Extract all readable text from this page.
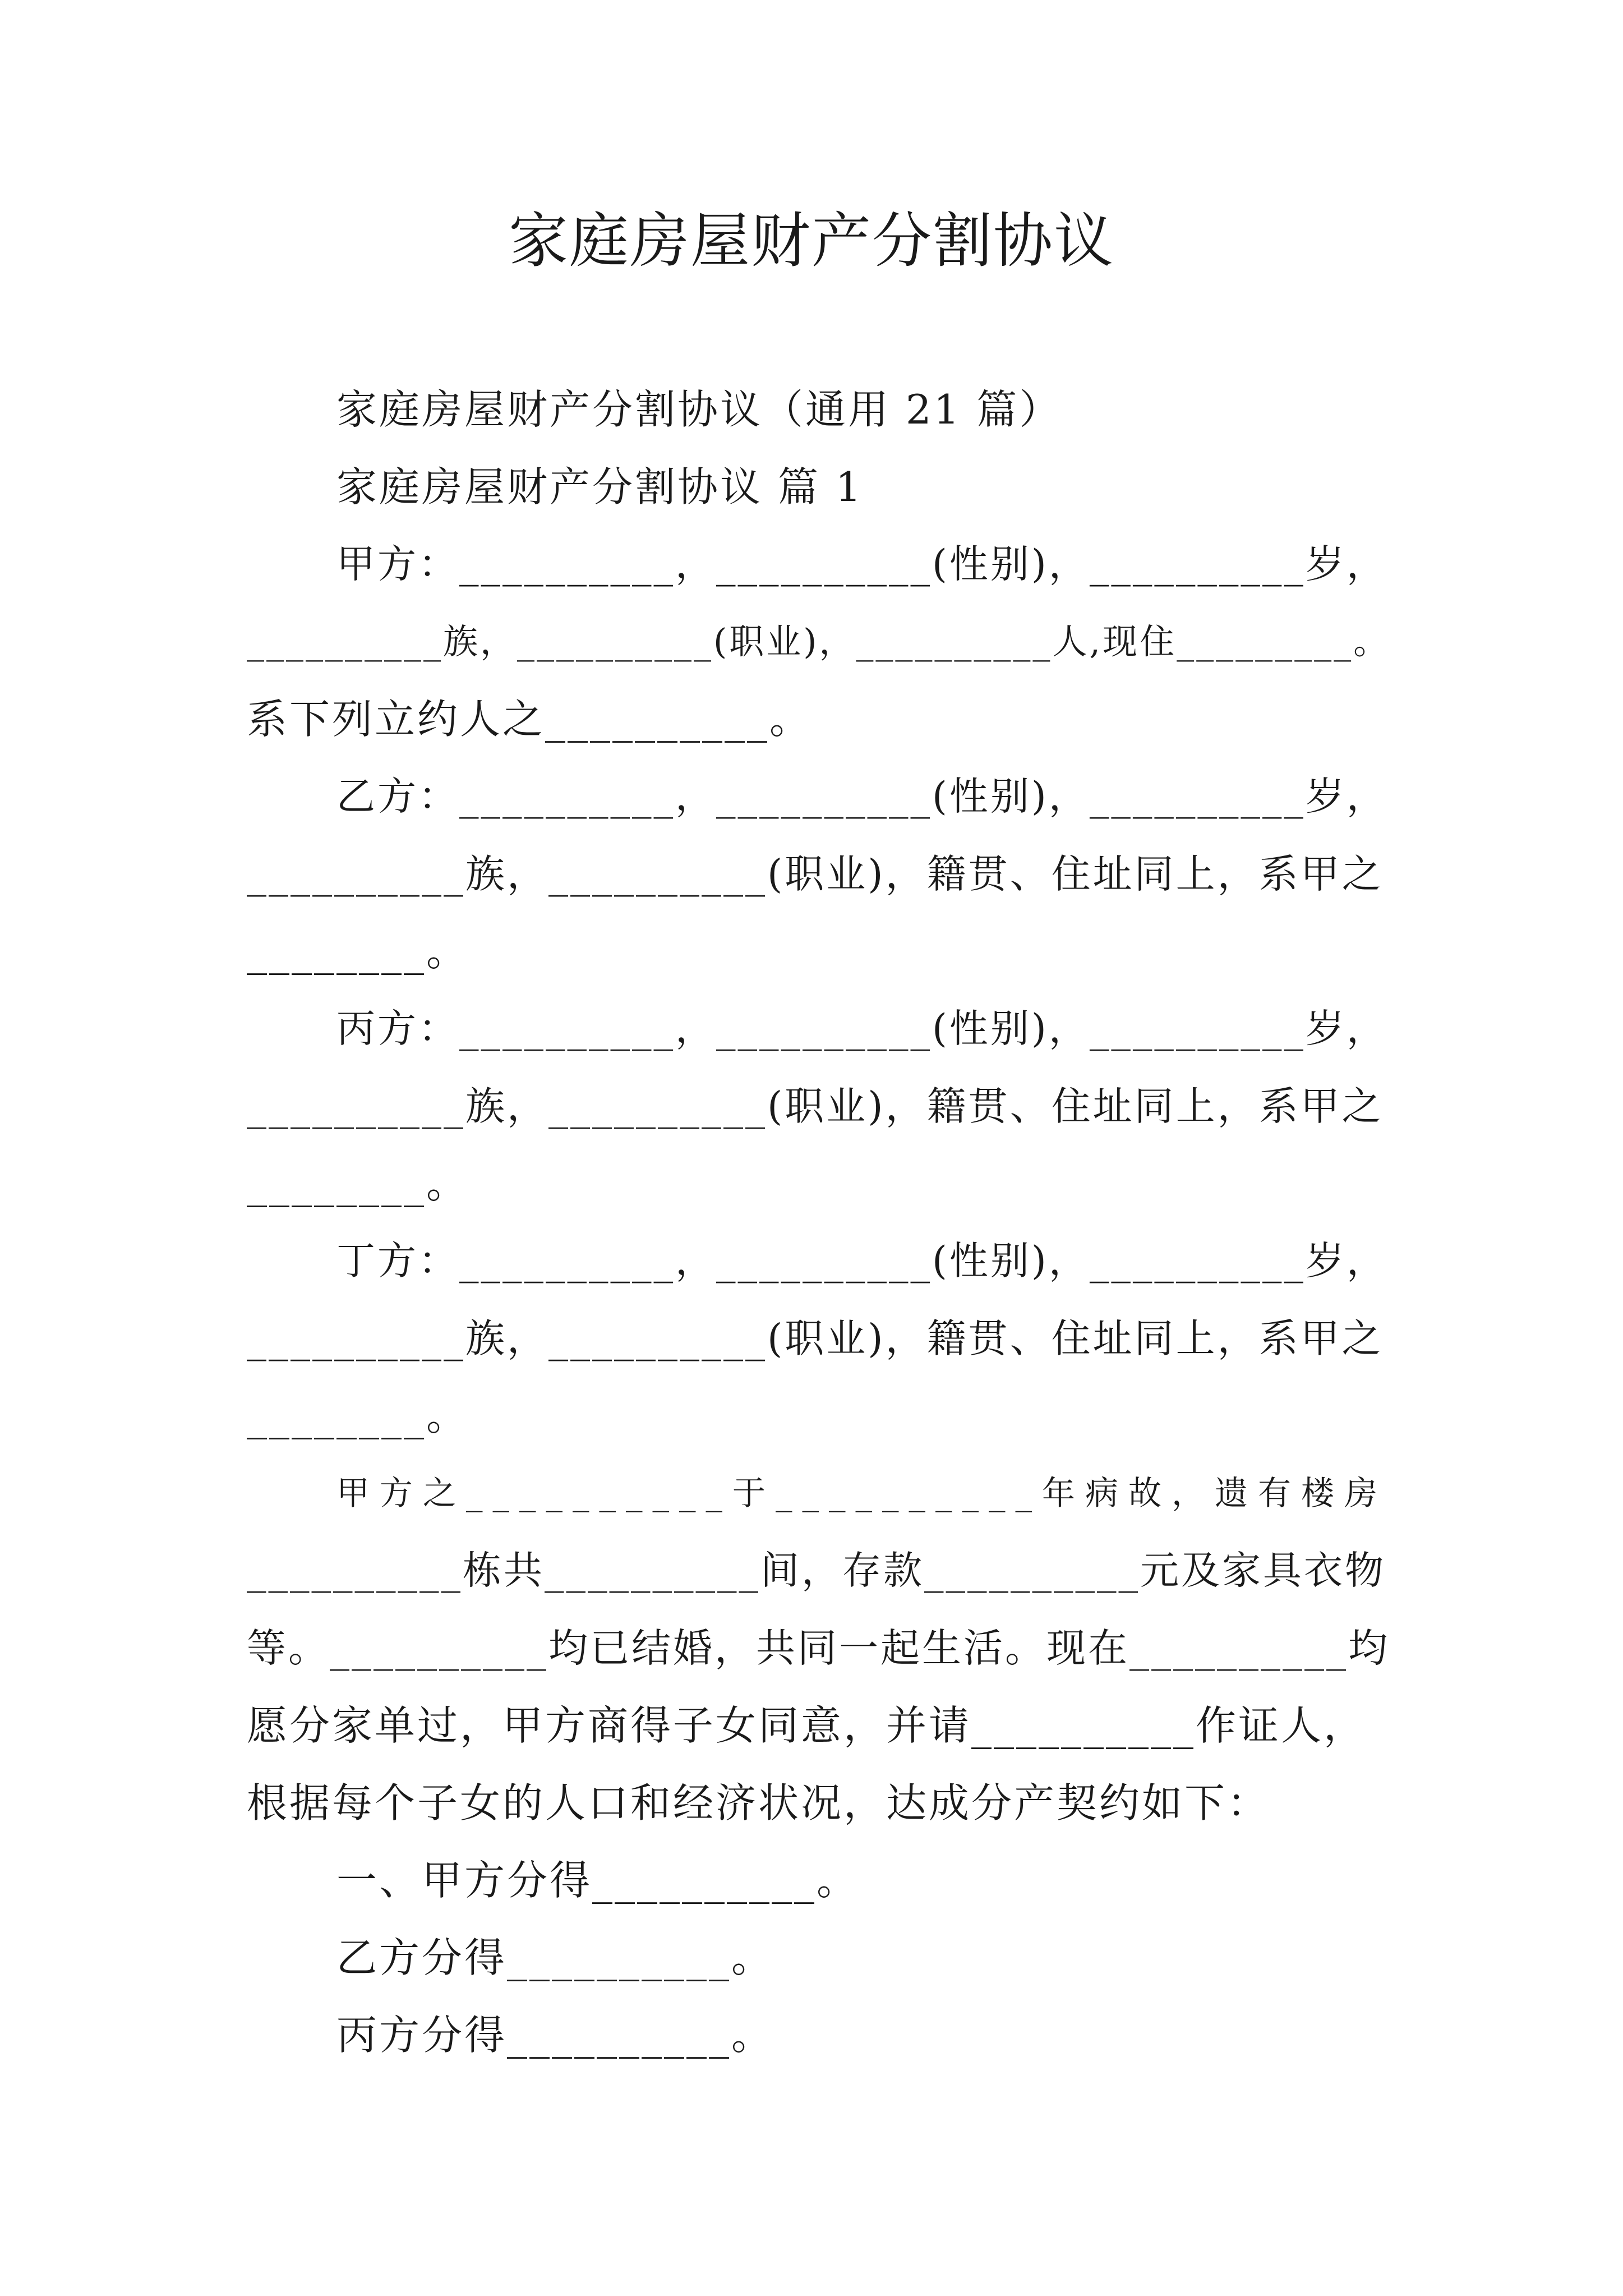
家庭房屋财产分割协议
家庭房屋财产分割协议（通用 21 篇）
家庭房屋财产分割协议 篇 1
甲方：__________，__________(性别)，__________岁，
__________族，__________(职业)，__________人,现住_________。
系下列立约人之__________。
乙方：__________，__________(性别)，__________岁，
__________族，__________(职业)，籍贯、住址同上，系甲之
________。
丙方：__________，__________(性别)，__________岁，
__________族，__________(职业)，籍贯、住址同上，系甲之
________。
丁方：__________，__________(性别)，__________岁，
__________族，__________(职业)，籍贯、住址同上，系甲之
________。
甲方之__________于__________年病故，遗有楼房
__________栋共__________间，存款__________元及家具衣物
等。__________均已结婚，共同一起生活。现在__________均
愿分家单过，甲方商得子女同意，并请__________作证人，
根据每个子女的人口和经济状况，达成分产契约如下：
一、甲方分得__________。
乙方分得__________。
丙方分得__________。
